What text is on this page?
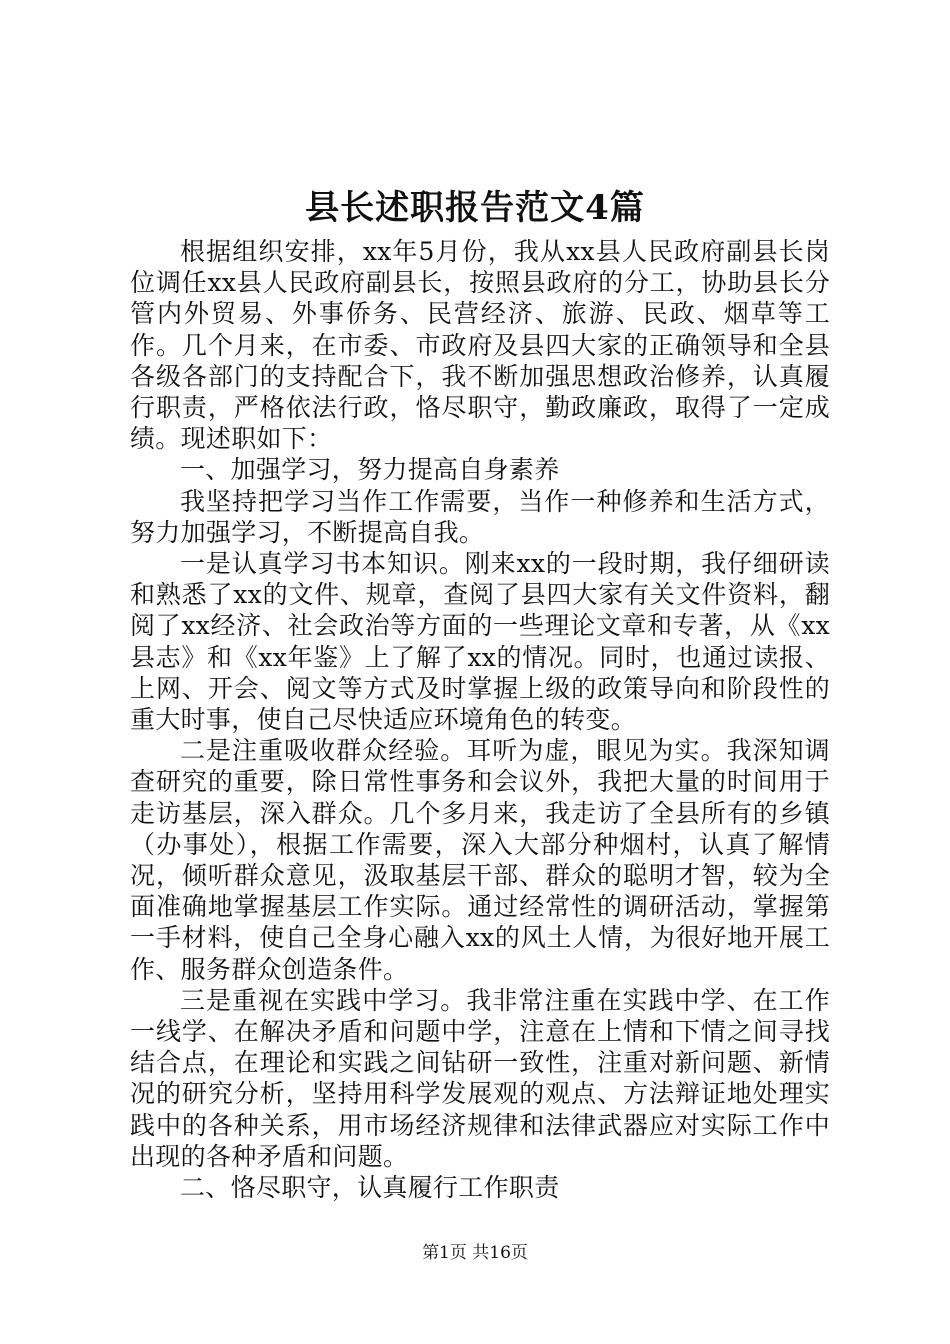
县长述职报告范文4篇

根据组织安排，xx年5月份，我从xx县人民政府副县长岗位调任xx县人民政府副县长，按照县政府的分工，协助县长分管内外贸易、外事侨务、民营经济、旅游、民政、烟草等工作。几个月来，在市委、市政府及县四大家的正确领导和全县各级各部门的支持配合下，我不断加强思想政治修养，认真履行职责，严格依法行政，恪尽职守，勤政廉政，取得了一定成绩。现述职如下：

一、加强学习，努力提高自身素养

我坚持把学习当作工作需要，当作一种修养和生活方式，努力加强学习，不断提高自我。

一是认真学习书本知识。刚来xx的一段时期，我仔细研读和熟悉了xx的文件、规章，查阅了县四大家有关文件资料，翻阅了xx经济、社会政治等方面的一些理论文章和专著，从《xx县志》和《xx年鉴》上了解了xx的情况。同时，也通过读报、上网、开会、阅文等方式及时掌握上级的政策导向和阶段性的重大时事，使自己尽快适应环境角色的转变。

二是注重吸收群众经验。耳听为虚，眼见为实。我深知调查研究的重要，除日常性事务和会议外，我把大量的时间用于走访基层，深入群众。几个多月来，我走访了全县所有的乡镇（办事处），根据工作需要，深入大部分种烟村，认真了解情况，倾听群众意见，汲取基层干部、群众的聪明才智，较为全面准确地掌握基层工作实际。通过经常性的调研活动，掌握第一手材料，使自己全身心融入xx的风土人情，为很好地开展工作、服务群众创造条件。

三是重视在实践中学习。我非常注重在实践中学、在工作一线学、在解决矛盾和问题中学，注意在上情和下情之间寻找结合点，在理论和实践之间钻研一致性，注重对新问题、新情况的研究分析，坚持用科学发展观的观点、方法辩证地处理实践中的各种关系，用市场经济规律和法律武器应对实际工作中出现的各种矛盾和问题。

二、恪尽职守，认真履行工作职责

第1页 共16页
